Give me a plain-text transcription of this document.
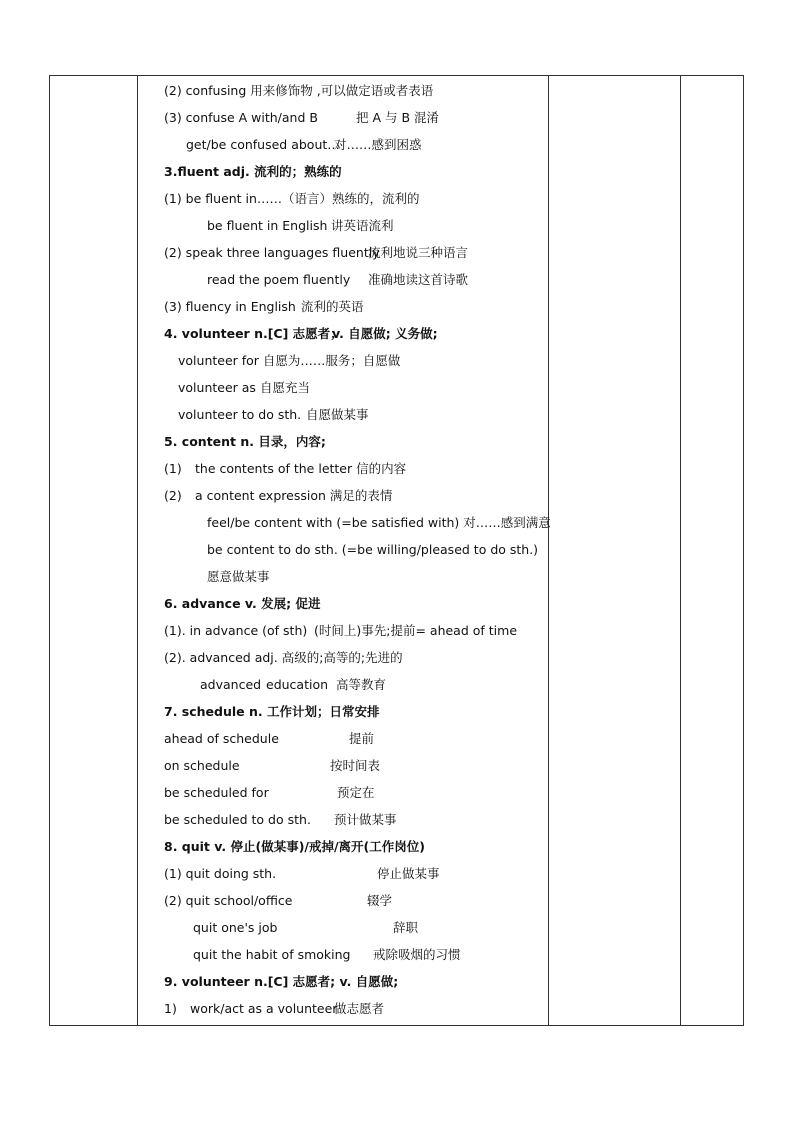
(2) confusing 用来修饰物 ,可以做定语或者表语
(3) confuse A with/and B	把 A 与 B 混淆
get/be confused about…
对……感到困惑
3.fluent adj. 流利的；熟练的
(1) be fluent in……（语言）熟练的，流利的
be fluent in English 讲英语流利
(2) speak three languages fluently
流利地说三种语言
read the poem fluently 准确地读这首诗歌
(3) fluency in English 流利的英语
4. volunteer n.[C] 志愿者；
v. 自愿做; 义务做;
volunteer for 自愿为……服务；自愿做
volunteer as 自愿充当
volunteer to do sth. 自愿做某事
5. content n. 目录，内容;
(1) the contents of the letter 信的内容
(2) a content expression 满足的表情
feel/be content with (=be satisfied with) 对……感到满意
be content to do sth. (=be willing/pleased to do sth.)
愿意做某事
6. advance v. 发展; 促进
(1). in advance (of sth) (时间上)事先;提前= ahead of time
(2). advanced adj. 高级的;高等的;先进的
advanced education 高等教育
7. schedule n. 工作计划；日常安排
ahead of schedule	提前
on schedule	按时间表
be scheduled for	预定在
be scheduled to do sth. 预计做某事
8. quit v. 停止(做某事)/戒掉/离开(工作岗位)
(1) quit doing sth.	停止做某事
(2) quit school/office	辍学
quit one's job	辞职
quit the habit of smoking 戒除吸烟的习惯
9. volunteer n.[C] 志愿者; v. 自愿做;
1) work/act as a volunteer
做志愿者
